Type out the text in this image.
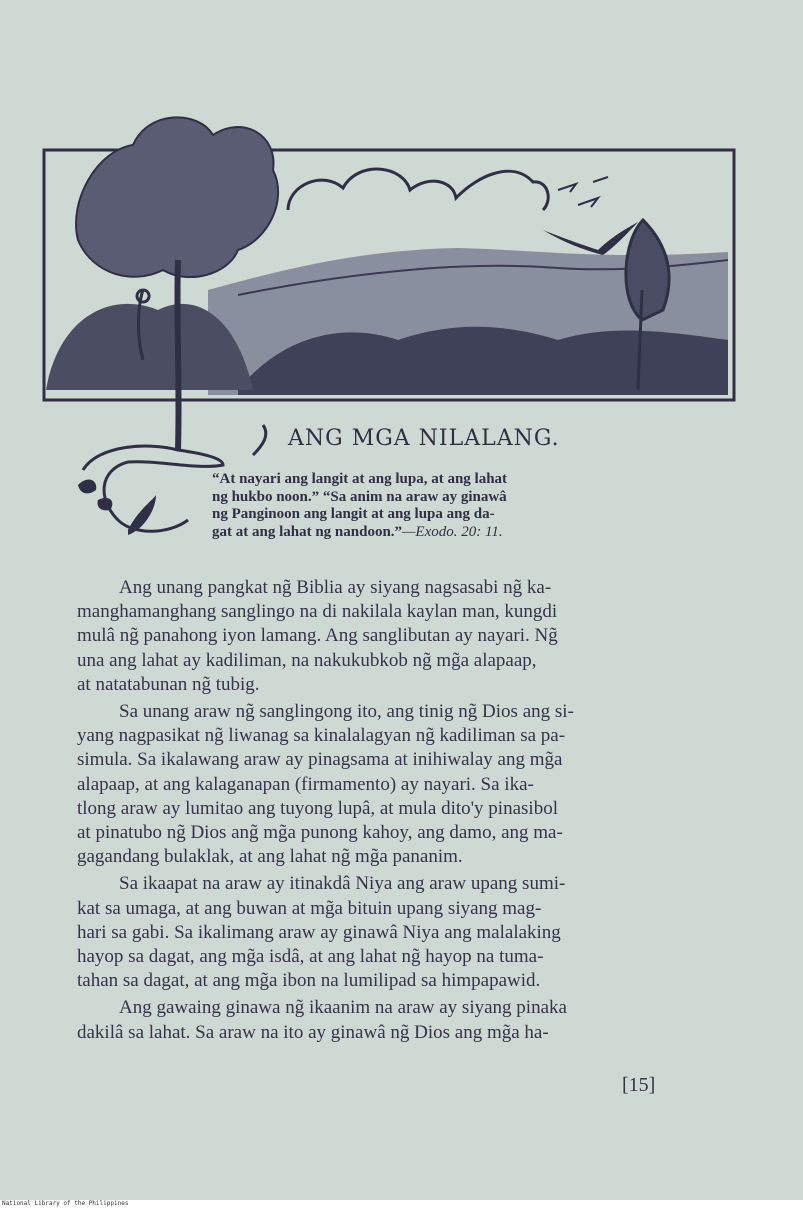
ANG MGA NILALANG.
“At nayari ang langit at ang lupa, at ang lahat
ng hukbo noon.” “Sa anim na araw ay ginawâ
ng Panginoon ang langit at ang lupa ang da-
gat at ang lahat ng nandoon.”—Exodo. 20: 11.
Ang unang pangkat ng̃ Biblia ay siyang nagsasabi ng̃ ka-
manghamanghang sanglingo na di nakilala kaylan man, kungdi
mulâ ng̃ panahong iyon lamang. Ang sanglibutan ay nayari. Ng̃
una ang lahat ay kadiliman, na nakukubkob ng̃ mg̃a alapaap,
at natatabunan ng̃ tubig.
Sa unang araw ng̃ sanglingong ito, ang tinig ng̃ Dios ang si-
yang nagpasikat ng̃ liwanag sa kinalalagyan ng̃ kadiliman sa pa-
simula. Sa ikalawang araw ay pinagsama at inihiwalay ang mg̃a
alapaap, at ang kalaganapan (firmamento) ay nayari. Sa ika-
tlong araw ay lumitao ang tuyong lupâ, at mula dito'y pinasibol
at pinatubo ng̃ Dios ang̃ mg̃a punong kahoy, ang damo, ang ma-
gagandang bulaklak, at ang lahat ng̃ mg̃a pananim.
Sa ikaapat na araw ay itinakdâ Niya ang araw upang sumi-
kat sa umaga, at ang buwan at mg̃a bituin upang siyang mag-
hari sa gabi. Sa ikalimang araw ay ginawâ Niya ang malalaking
hayop sa dagat, ang mg̃a isdâ, at ang lahat ng̃ hayop na tuma-
tahan sa dagat, at ang mg̃a ibon na lumilipad sa himpapawid.
Ang gawaing ginawa ng̃ ikaanim na araw ay siyang pinaka
dakilâ sa lahat. Sa araw na ito ay ginawâ ng̃ Dios ang mg̃a ha-
[15]
National Library of the Philippines
